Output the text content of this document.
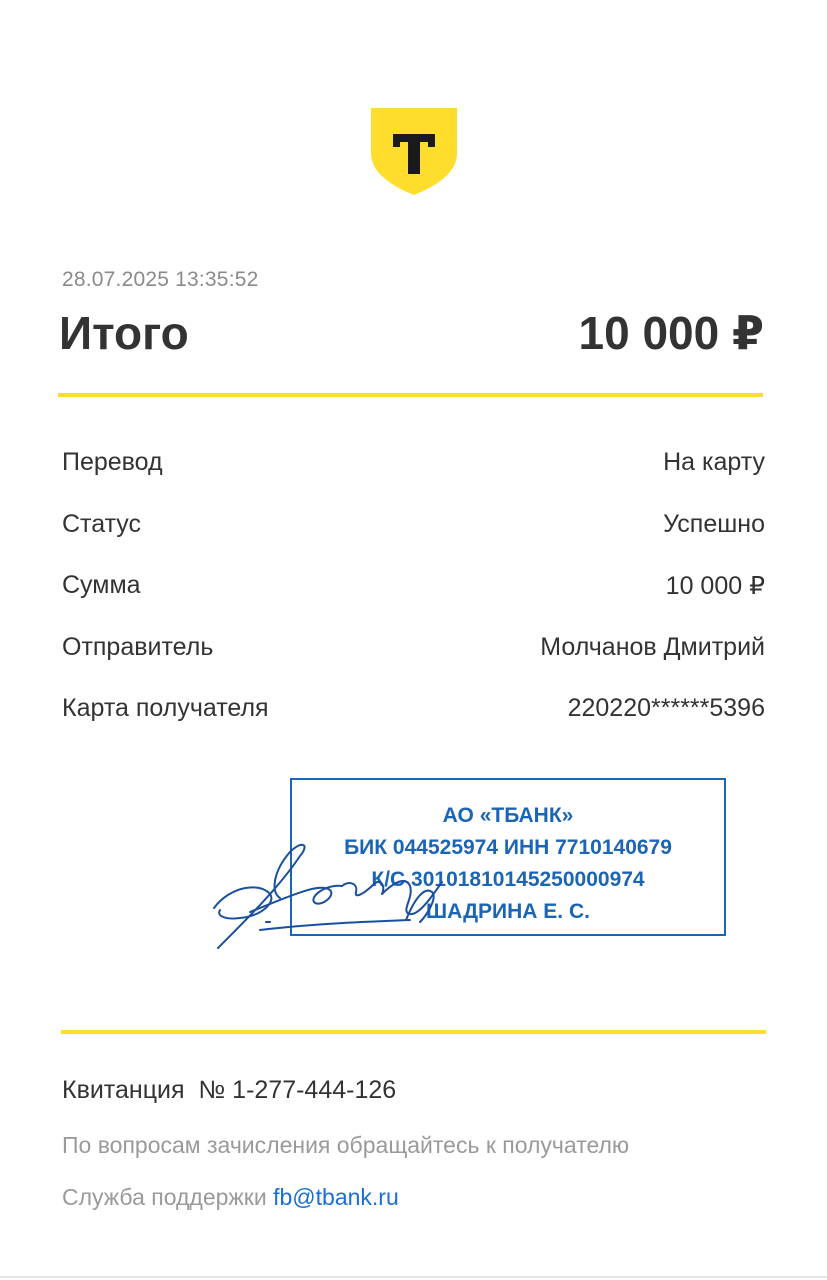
28.07.2025 13:35:52
Итого	10 000 ₽
Перевод	На карту
Статус	Успешно
Сумма	10 000 ₽
Отправитель	Молчанов Дмитрий
Карта получателя	220220******5396
АО «ТБАНК»
БИК 044525974 ИНН 7710140679
К/С 30101810145250000974
ШАДРИНА Е. С.
Квитанция  № 1-277-444-126
По вопросам зачисления обращайтесь к получателю
Служба поддержки fb@tbank.ru
